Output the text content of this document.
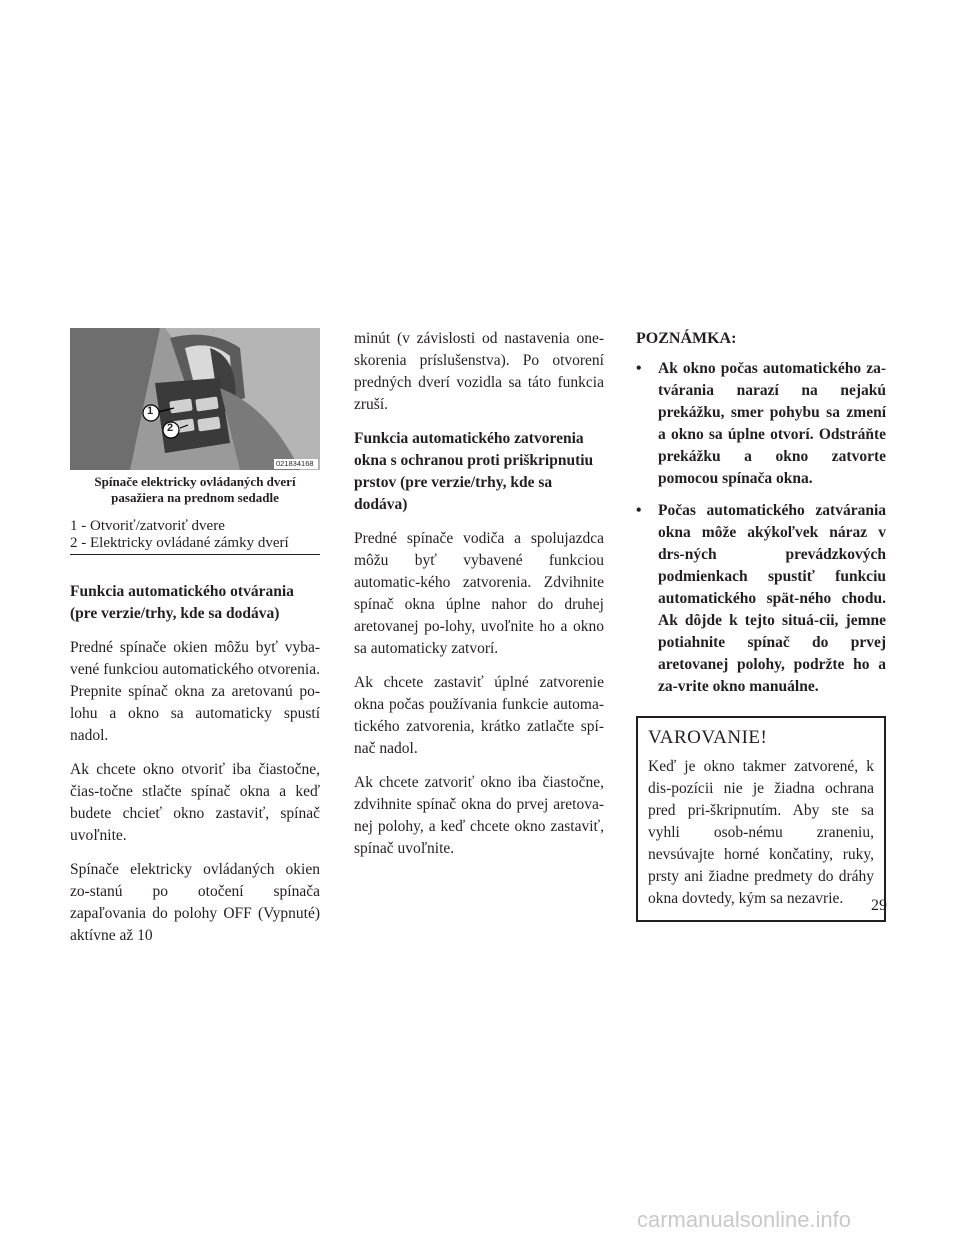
1
2
021834168
Spínače elektricky ovládaných dverí pasažiera na prednom sedadle
1 - Otvoriť/zatvoriť dvere
2 - Elektricky ovládané zámky dverí
Funkcia automatického otvárania (pre verzie/trhy, kde sa dodáva)

Predné spínače okien môžu byť vyba-vené funkciou automatického otvorenia. Prepnite spínač okna za aretovanú po-lohu a okno sa automaticky spustí nadol.

Ak chcete okno otvoriť iba čiastočne, čias-točne stlačte spínač okna a keď budete chcieť okno zastaviť, spínač uvoľnite.

Spínače elektricky ovládaných okien zo-stanú po otočení spínača zapaľovania do polohy OFF (Vypnuté) aktívne až 10

minút (v závislosti od nastavenia one-skorenia príslušenstva). Po otvorení predných dverí vozidla sa táto funkcia zruší.

Funkcia automatického zatvorenia okna s ochranou proti priškripnutiu prstov (pre verzie/trhy, kde sa dodáva)

Predné spínače vodiča a spolujazdca môžu byť vybavené funkciou automatic-kého zatvorenia. Zdvihnite spínač okna úplne nahor do druhej aretovanej po-lohy, uvoľnite ho a okno sa automaticky zatvorí.

Ak chcete zastaviť úplné zatvorenie okna počas používania funkcie automa-tického zatvorenia, krátko zatlačte spí-nač nadol.

Ak chcete zatvoriť okno iba čiastočne, zdvihnite spínač okna do prvej aretova-nej polohy, a keď chcete okno zastaviť, spínač uvoľnite.

POZNÁMKA:
• Ak okno počas automatického za-tvárania narazí na nejakú prekážku, smer pohybu sa zmení a okno sa úplne otvorí. Odstráňte prekážku a okno zatvorte pomocou spínača okna.
• Počas automatického zatvárania okna môže akýkoľvek náraz v drs-ných prevádzkových podmienkach spustiť funkciu automatického spät-ného chodu. Ak dôjde k tejto situá-cii, jemne potiahnite spínač do prvej aretovanej polohy, podržte ho a za-vrite okno manuálne.
VAROVANIE!

Keď je okno takmer zatvorené, k dis-pozícii nie je žiadna ochrana pred pri-škripnutím. Aby ste sa vyhli osob-nému zraneniu, nevsúvajte horné končatiny, ruky, prsty ani žiadne predmety do dráhy okna dovtedy, kým sa nezavrie.	29
carmanualsonline.info
